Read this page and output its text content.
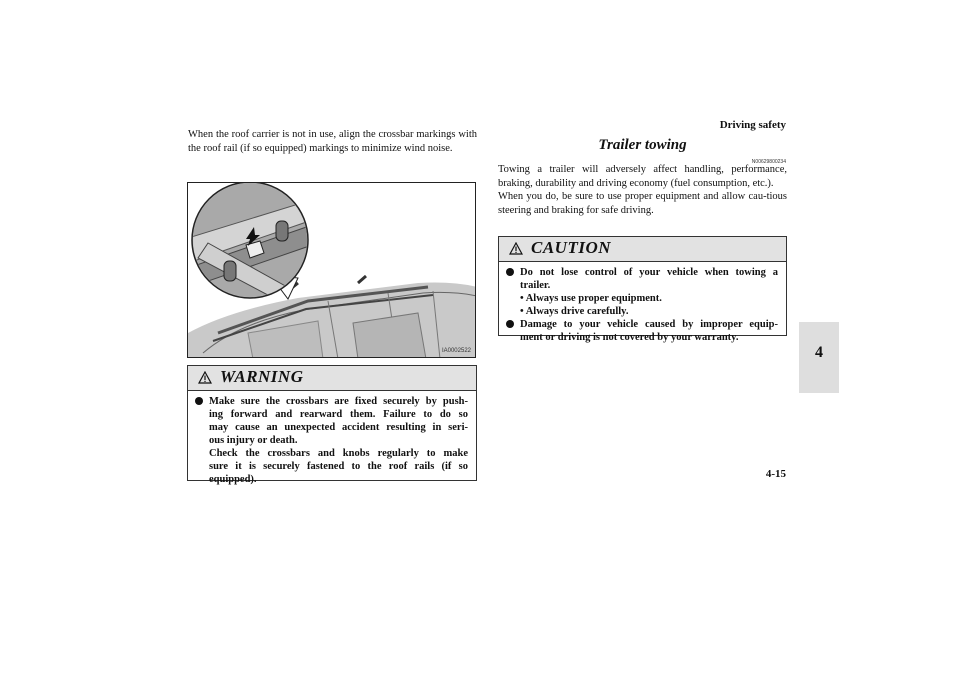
Driving safety
4
When the roof carrier is not in use, align the crossbar markings with the roof rail (if so equipped) markings to minimize wind noise.
IA0002522
WARNING
Make sure the crossbars are fixed securely by push-
ing forward and rearward them. Failure to do so
may cause an unexpected accident resulting in seri-
ous injury or death.
Check the crossbars and knobs regularly to make
sure it is securely fastened to the roof rails (if so
equipped).
Trailer towing
N00629800234

Towing a trailer will adversely affect handling, performance, braking, durability and driving economy (fuel consumption, etc.).

When you do, be sure to use proper equipment and allow cau-tious steering and braking for safe driving.

CAUTION
Do not lose control of your vehicle when towing a
trailer.
• Always use proper equipment.
• Always drive carefully.
Damage to your vehicle caused by improper equip-
ment or driving is not covered by your warranty.
4-15
